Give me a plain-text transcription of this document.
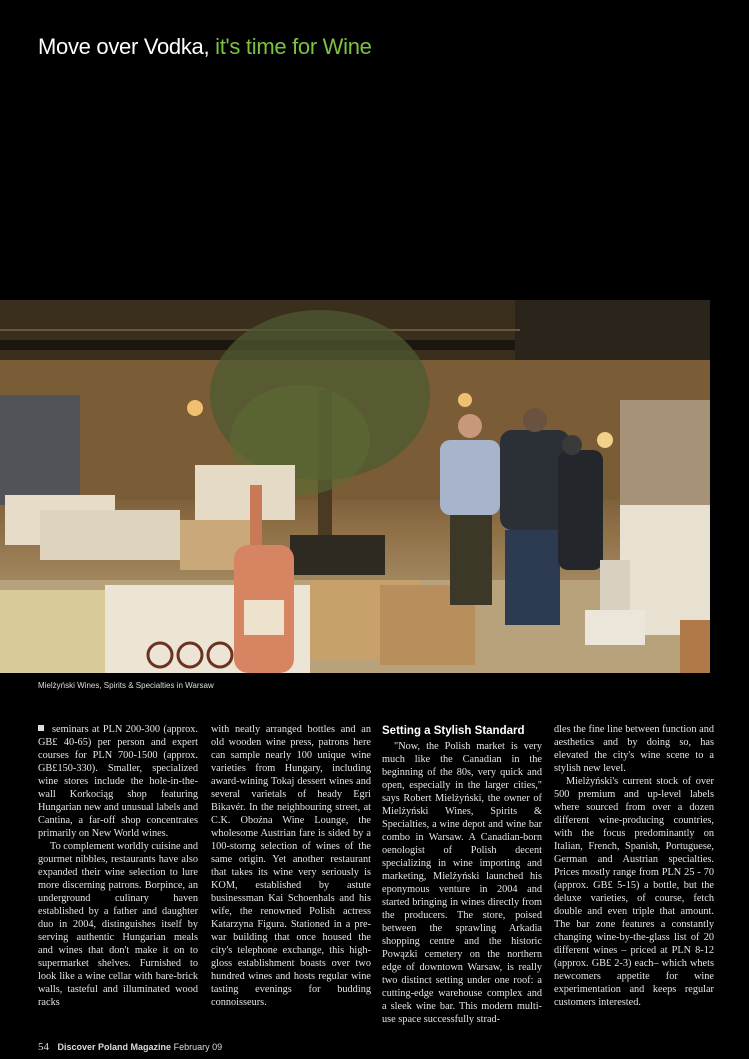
Move over Vodka, it's time for Wine
Mielżyński Wines, Spirits & Specialties in Warsaw

seminars at PLN 200-300 (approx. GB£ 40-65) per person and expert courses for PLN 700-1500 (approx. GB£150-330). Smaller, specialized wine stores include the hole-in-the-wall Korkociąg shop featuring Hungarian new and unusual labels and Cantina, a far-off shop concentrates primarily on New World wines.

To complement worldly cuisine and gourmet nibbles, restaurants have also expanded their wine selection to lure more discerning patrons. Borpince, an underground culinary haven established by a father and daughter duo in 2004, distinguishes itself by serving authentic Hungarian meals and wines that don't make it on to supermarket shelves. Furnished to look like a wine cellar with bare-brick walls, tasteful and illuminated wood racks

with neatly arranged bottles and an old wooden wine press, patrons here can sample nearly 100 unique wine varieties from Hungary, including award-wining Tokaj dessert wines and several varietals of heady Egri Bikavér. In the neighbouring street, at C.K. Oboźna Wine Lounge, the wholesome Austrian fare is sided by a 100-storng selection of wines of the same origin. Yet another restaurant that takes its wine very seriously is KOM, established by astute businessman Kai Schoenhals and his wife, the renowned Polish actress Katarzyna Figura. Stationed in a pre-war building that once housed the city's telephone exchange, this high-gloss establishment boasts over two hundred wines and hosts regular wine tasting evenings for budding connoisseurs.

Setting a Stylish Standard

"Now, the Polish market is very much like the Canadian in the beginning of the 80s, very quick and open, especially in the larger cities," says Robert Mielżyński, the owner of Mielżyński Wines, Spirits & Specialties, a wine depot and wine bar combo in Warsaw. A Canadian-born oenologist of Polish decent specializing in wine importing and marketing, Mielżyński launched his eponymous venture in 2004 and started bringing in wines directly from the producers. The store, poised between the sprawling Arkadia shopping centre and the historic Powązki cemetery on the northern edge of downtown Warsaw, is really two distinct setting under one roof: a cutting-edge warehouse complex and a sleek wine bar. This modern multi-use space successfully strad-

dles the fine line between function and aesthetics and by doing so, has elevated the city's wine scene to a stylish new level.

Mielżyński's current stock of over 500 premium and up-level labels where sourced from over a dozen different wine-producing countries, with the focus predominantly on Italian, French, Spanish, Portuguese, German and Austrian specialties. Prices mostly range from PLN 25 - 70 (approx. GB£ 5-15) a bottle, but the deluxe varieties, of course, fetch double and even triple that amount. The bar zone features a constantly changing wine-by-the-glass list of 20 different wines – priced at PLN 8-12 (approx. GB£ 2-3) each– which whets newcomers appetite for wine experimentation and keeps regular customers interested.

54 Discover Poland Magazine February 09
